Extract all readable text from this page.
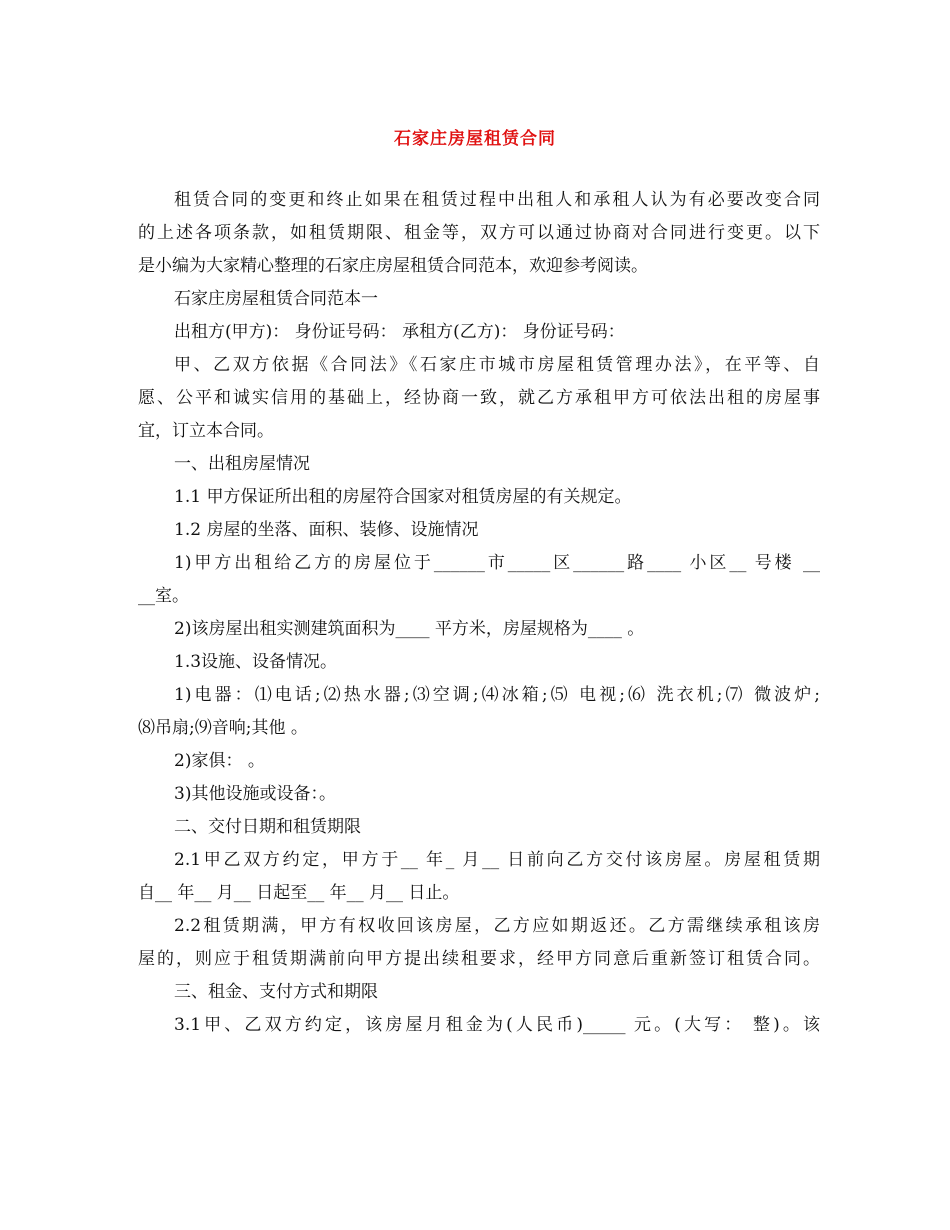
石家庄房屋租赁合同
租赁合同的变更和终止如果在租赁过程中出租人和承租人认为有必要改变合同
的上述各项条款，如租赁期限、租金等，双方可以通过协商对合同进行变更。以下
是小编为大家精心整理的石家庄房屋租赁合同范本，欢迎参考阅读。
石家庄房屋租赁合同范本一
出租方(甲方)： 身份证号码： 承租方(乙方)： 身份证号码：
甲、乙双方依据《合同法》《石家庄市城市房屋租赁管理办法》，在平等、自
愿、公平和诚实信用的基础上，经协商一致，就乙方承租甲方可依法出租的房屋事
宜，订立本合同。
一、出租房屋情况
1.1 甲方保证所出租的房屋符合国家对租赁房屋的有关规定。
1.2 房屋的坐落、面积、装修、设施情况
1)甲方出租给乙方的房屋位于______市_____区______路____ 小区__ 号楼 __
__室。
2)该房屋出租实测建筑面积为____ 平方米，房屋规格为____ 。
1.3设施、设备情况。
1)电器：⑴电话;⑵热水器;⑶空调;⑷冰箱;⑸ 电视;⑹ 洗衣机;⑺ 微波炉;
⑻吊扇;⑼音响;其他 。
2)家俱： 。
3)其他设施或设备：。
二、交付日期和租赁期限
2.1甲乙双方约定，甲方于__ 年_ 月__ 日前向乙方交付该房屋。房屋租赁期
自__ 年__ 月__ 日起至__ 年__ 月__ 日止。
2.2租赁期满，甲方有权收回该房屋，乙方应如期返还。乙方需继续承租该房
屋的，则应于租赁期满前向甲方提出续租要求，经甲方同意后重新签订租赁合同。
三、租金、支付方式和期限
3.1甲、乙双方约定，该房屋月租金为(人民币)_____ 元。(大写： 整)。该
